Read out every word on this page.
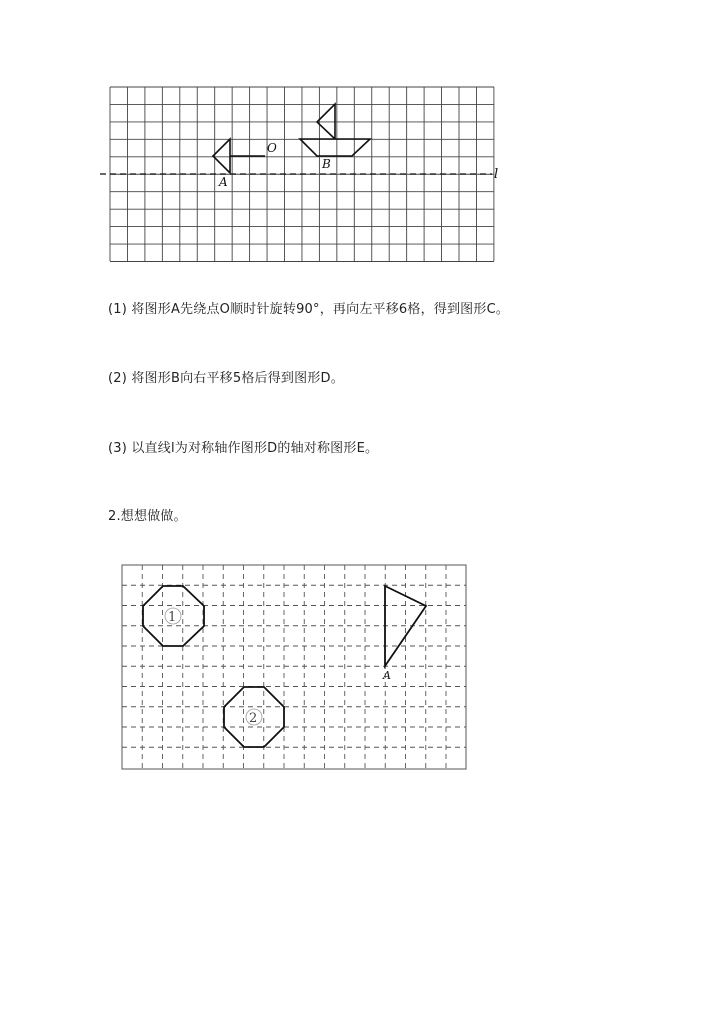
O
A
B
l
(1) 将图形A先绕点O顺时针旋转90°，再向左平移6格，得到图形C。
(2) 将图形B向右平移5格后得到图形D。
(3) 以直线l为对称轴作图形D的轴对称图形E。
2.想想做做。
1
2
A
